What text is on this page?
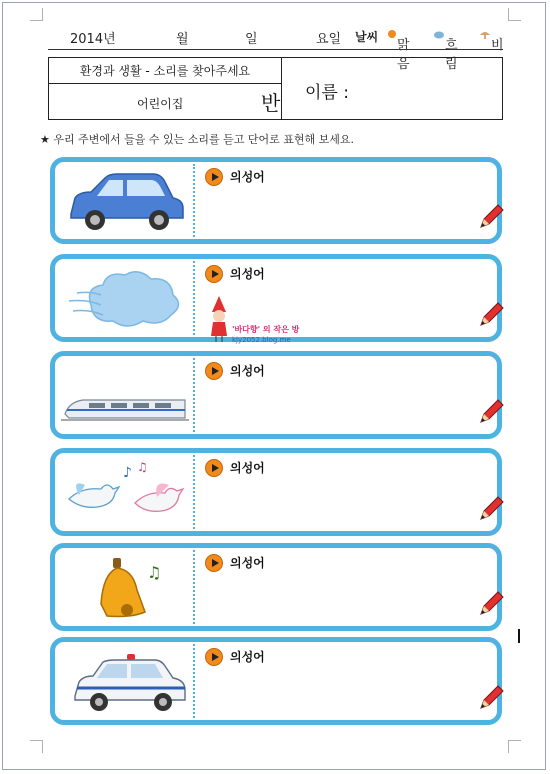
2014년	월	일	요일 날씨
맑음
흐림
비
환경과 생활 - 소리를 찾아주세요
어린이집	반 이름 :
★ 우리 주변에서 들을 수 있는 소리를 듣고 단어로 표현해 보세요.
의성어
의성어
의성어
♪ ♫	의성어
♫	의성어
의성어
'바다향' 의 작은 방
kjy2052.blog.me
